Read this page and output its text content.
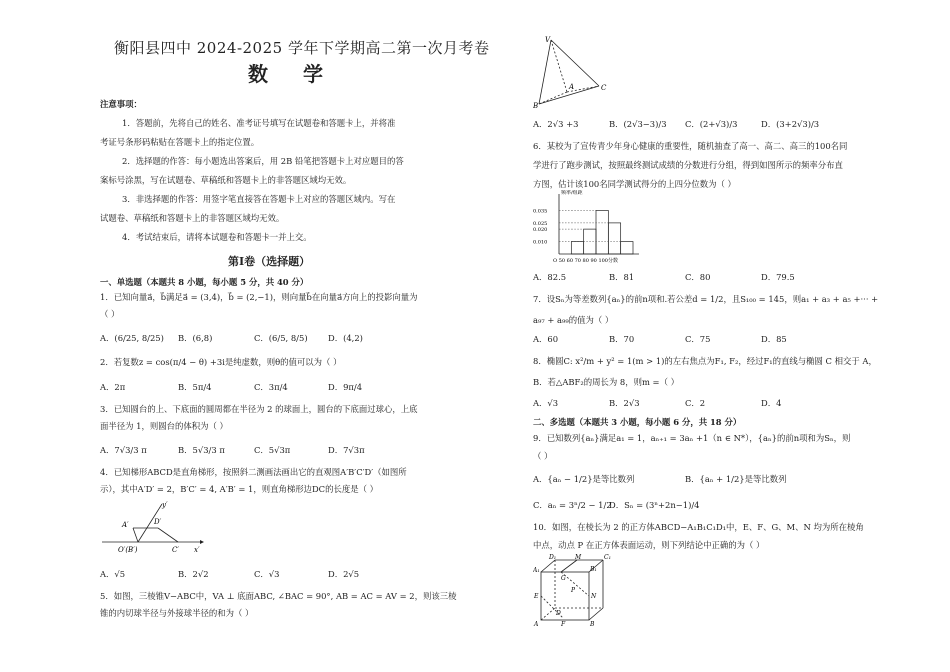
衡阳县四中 2024-2025 学年下学期高二第一次月考卷
数 学
注意事项：
1．答题前，先将自己的姓名、准考证号填写在试题卷和答题卡上，并将准
考证号条形码粘贴在答题卡上的指定位置。
2．选择题的作答：每小题选出答案后，用 2B 铅笔把答题卡上对应题目的答
案标号涂黑，写在试题卷、草稿纸和答题卡上的非答题区域均无效。
3．非选择题的作答：用签字笔直接答在答题卡上对应的答题区域内。写在
试题卷、草稿纸和答题卡上的非答题区域均无效。
4．考试结束后，请将本试题卷和答题卡一并上交。
第Ⅰ卷（选择题）
一、单选题（本题共 8 小题，每小题 5 分，共 40 分）
1．已知向量a⃗，b⃗满足a⃗ = (3,4)，b⃗ = (2,−1)，则向量b⃗在向量a⃗方向上的投影向量为
（ ）
A．(6/25, 8/25) B．(6,8)	C．(6/5, 8/5) D．(4,2)
2．若复数z = cos(π/4 − θ) +3i是纯虚数，则θ的值可以为（ ）
A．2π	B．5π/4	C．3π/4	D．9π/4
3．已知圆台的上、下底面的圆周都在半径为 2 的球面上，圆台的下底面过球心，上底
面半径为 1，则圆台的体积为（ ）
A．7√3/3 π	B．5√3/3 π	C．5√3π	D．7√3π
4．已知梯形ABCD是直角梯形，按照斜二测画法画出它的直观图A′B′C′D′（如图所
示），其中A′D′ = 2，B′C′ = 4, A′B′ = 1，则直角梯形边DC的长度是（ ）
y′
A′	D′
O′(B′)	C′ x′
A．√5	B．2√2	C．√3	D．2√5
5．如图，三棱锥V−ABC中，VA ⊥ 底面ABC, ∠BAC = 90°, AB = AC = AV = 2，则该三棱
锥的内切球半径与外接球半径的和为（ ）
V
A
B
C
A．2√3 +3	B．(2√3−3)/3 C．(2+√3)/3	D．(3+2√3)/3
6．某校为了宣传青少年身心健康的重要性，随机抽查了高一、高二、高三的100名同
学进行了跑步测试，按照最终测试成绩的分数进行分组，得到如图所示的频率分布直
方图，估计该100名同学测试得分的上四分位数为（ ）
频率/组距
0.010
0.020
0.025
0.035
O 50 60 70 80 90 100分数
A．82.5	B．81	C．80	D．79.5
7．设Sₙ为等差数列{aₙ}的前n项和.若公差d = 1/2，且S₁₀₀ = 145，则a₁ + a₃ + a₅ +··· +
a₉₇ + a₉₉的值为（ ）
A．60	B．70	C．75	D．85
8．椭圆C: x²/m + y² = 1(m > 1)的左右焦点为F₁, F₂，经过F₁的直线与椭圆 C 相交于 A，
B．若△ABF₂的周长为 8，则m =（ ）
A．√3	B．2√3	C．2	D．4
二、多选题（本题共 3 小题，每小题 6 分，共 18 分）
9．已知数列{aₙ}满足a₁ = 1，aₙ₊₁ = 3aₙ +1（n ∈ N*），{aₙ}的前n项和为Sₙ，则
（ ）
A．{aₙ − 1/2}是等比数列	B．{aₙ + 1/2}是等比数列
C．aₙ = 3ⁿ/2 − 1/2
D．Sₙ = (3ⁿ+2n−1)/4
10．如图，在棱长为 2 的正方体ABCD−A₁B₁C₁D₁中，E、F、G、M、N 均为所在棱角
中点，动点 P 在正方体表面运动，则下列结论中正确的为（ ）
D₁	M	C₁
G
A₁	B₁
E	N
P
D
A	F	B
